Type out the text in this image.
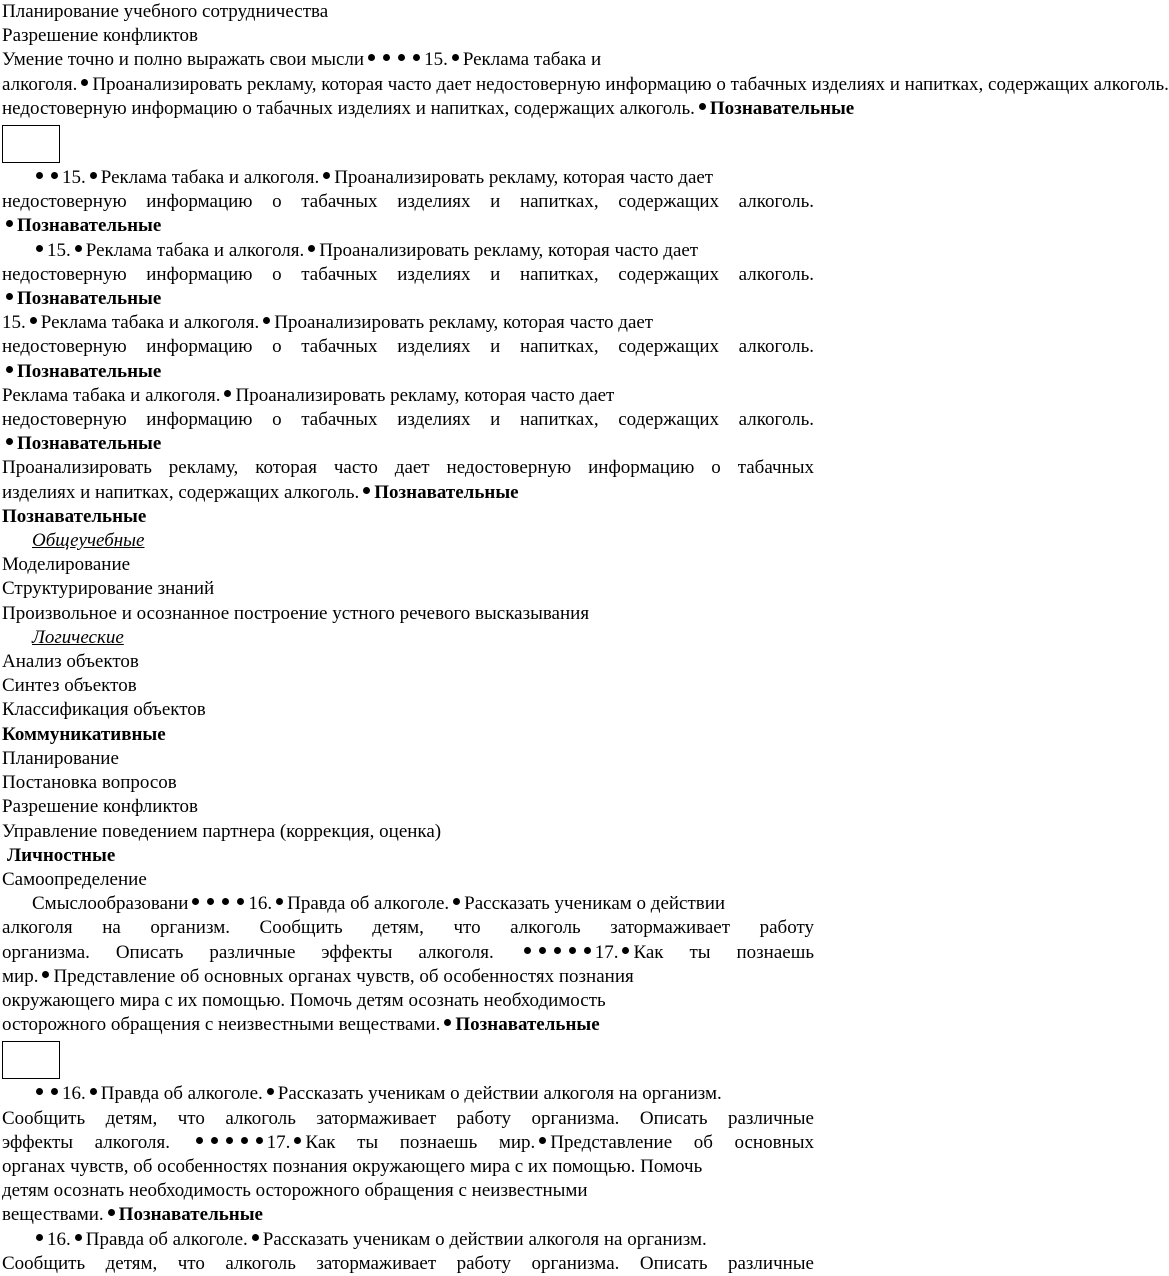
Планирование учебного сотрудничества
Разрешение конфликтов
Умение точно и полно выражать свои мысли	15. Реклама табака и
алкоголя. Проанализировать рекламу, которая часто дает недостоверную информацию о табачных изделиях и напитках, содержащих алкоголь.
недостоверную информацию о табачных изделиях и напитках, содержащих алкоголь. Познавательные
15. Реклама табака и алкоголя. Проанализировать рекламу, которая часто дает
недостоверную информацию о табачных изделиях и напитках, содержащих алкоголь.
Познавательные
15. Реклама табака и алкоголя. Проанализировать рекламу, которая часто дает
недостоверную информацию о табачных изделиях и напитках, содержащих алкоголь.
Познавательные
15. Реклама табака и алкоголя. Проанализировать рекламу, которая часто дает
недостоверную информацию о табачных изделиях и напитках, содержащих алкоголь.
Познавательные
Реклама табака и алкоголя. Проанализировать рекламу, которая часто дает
недостоверную информацию о табачных изделиях и напитках, содержащих алкоголь.
Познавательные
Проанализировать рекламу, которая часто дает недостоверную информацию о табачных
изделиях и напитках, содержащих алкоголь. Познавательные
Познавательные
Общеучебные
Моделирование
Структурирование знаний
Произвольное и осознанное построение устного речевого высказывания
Логические
Анализ объектов
Синтез объектов
Классификация объектов
Коммуникативные
Планирование
Постановка вопросов
Разрешение конфликтов
Управление поведением партнера (коррекция, оценка)
Личностные
Самоопределение
Смыслообразовани	16. Правда об алкоголе. Рассказать ученикам о действии
алкоголя на организм. Сообщить детям, что алкоголь затормаживает работу
организма. Описать различные эффекты алкоголя.	17. Как ты познаешь
мир. Представление об основных органах чувств, об особенностях познания
окружающего мира с их помощью. Помочь детям осознать необходимость
осторожного обращения с неизвестными веществами. Познавательные
16. Правда об алкоголе. Рассказать ученикам о действии алкоголя на организм.
Сообщить детям, что алкоголь затормаживает работу организма. Описать различные
эффекты алкоголя.	17. Как ты познаешь мир. Представление об основных
органах чувств, об особенностях познания окружающего мира с их помощью. Помочь
детям осознать необходимость осторожного обращения с неизвестными
веществами. Познавательные
16. Правда об алкоголе. Рассказать ученикам о действии алкоголя на организм.
Сообщить детям, что алкоголь затормаживает работу организма. Описать различные
